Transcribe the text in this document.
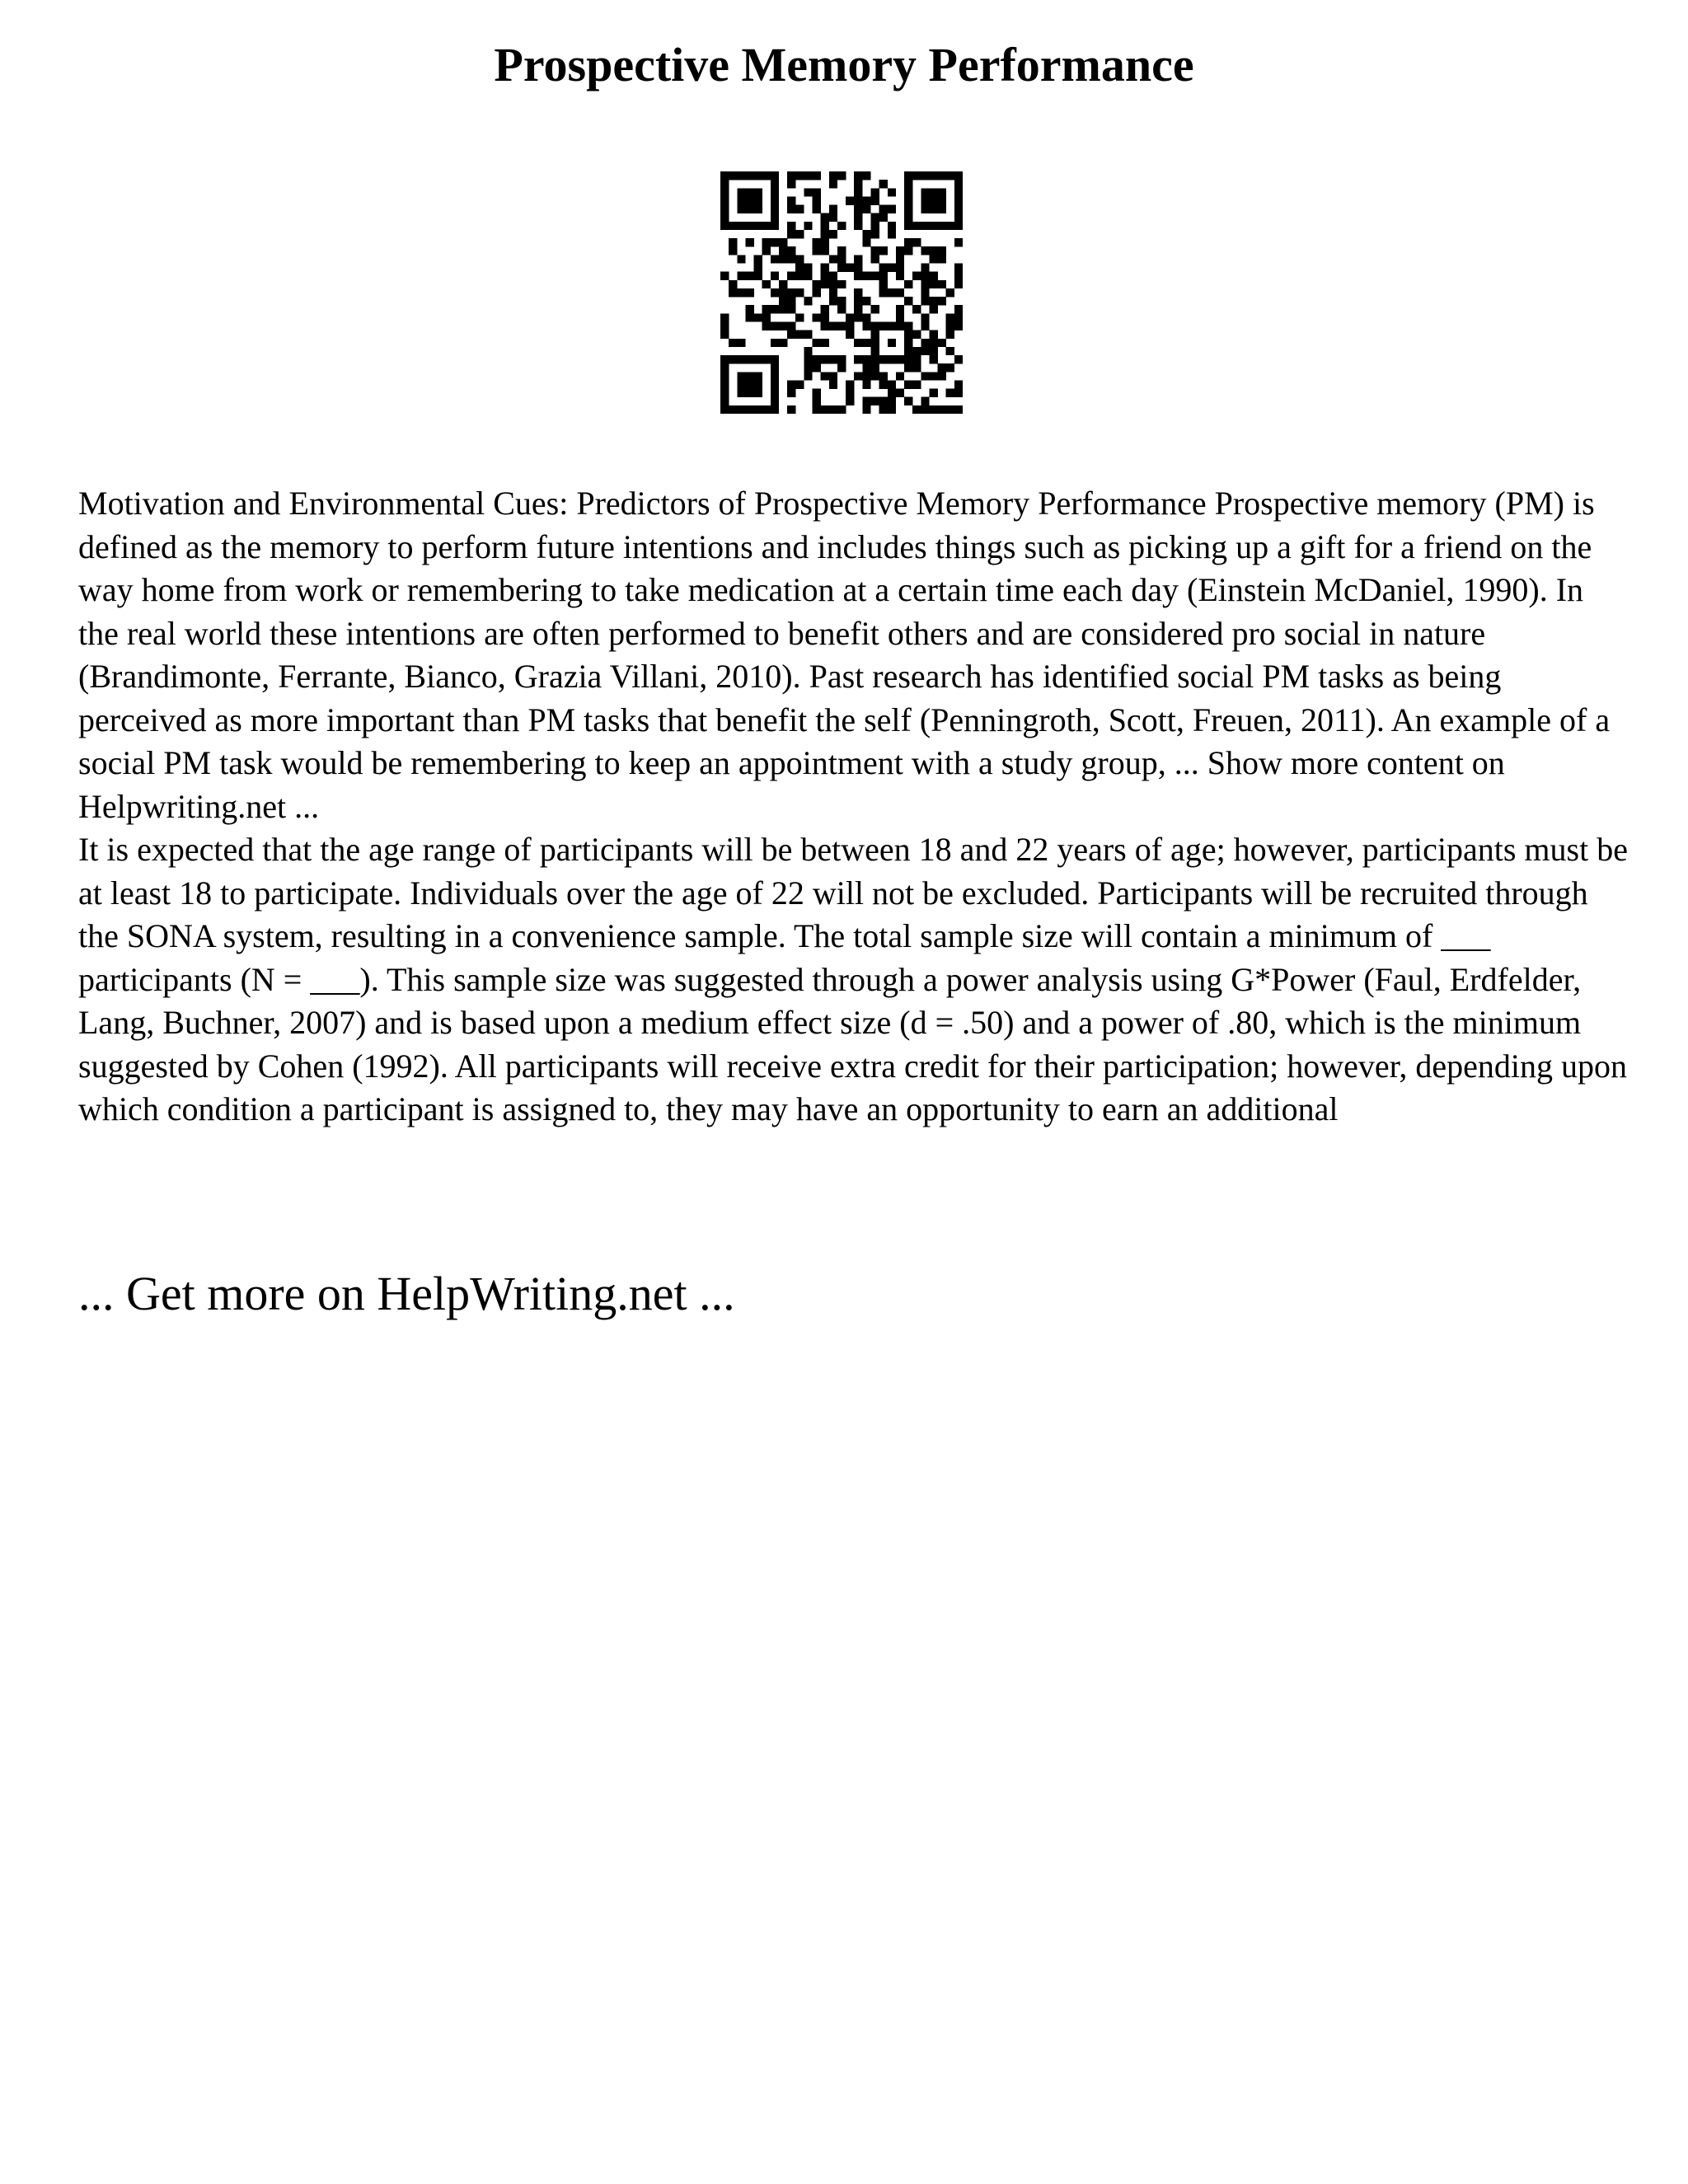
Prospective Memory Performance

Motivation and Environmental Cues: Predictors of Prospective Memory Performance Prospective memory (PM) is defined as the memory to perform future intentions and includes things such as picking up a gift for a friend on the way home from work or remembering to take medication at a certain time each day (Einstein McDaniel, 1990). In the real world these intentions are often performed to benefit others and are considered pro social in nature (Brandimonte, Ferrante, Bianco, Grazia Villani, 2010). Past research has identified social PM tasks as being perceived as more important than PM tasks that benefit the self (Penningroth, Scott, Freuen, 2011). An example of a social PM task would be remembering to keep an appointment with a study group, ... Show more content on Helpwriting.net ...

It is expected that the age range of participants will be between 18 and 22 years of age; however, participants must be at least 18 to participate. Individuals over the age of 22 will not be excluded. Participants will be recruited through the SONA system, resulting in a convenience sample. The total sample size will contain a minimum of ___ participants (N = ___). This sample size was suggested through a power analysis using G*Power (Faul, Erdfelder, Lang, Buchner, 2007) and is based upon a medium effect size (d = .50) and a power of .80, which is the minimum suggested by Cohen (1992). All participants will receive extra credit for their participation; however, depending upon which condition a participant is assigned to, they may have an opportunity to earn an additional

... Get more on HelpWriting.net ...
